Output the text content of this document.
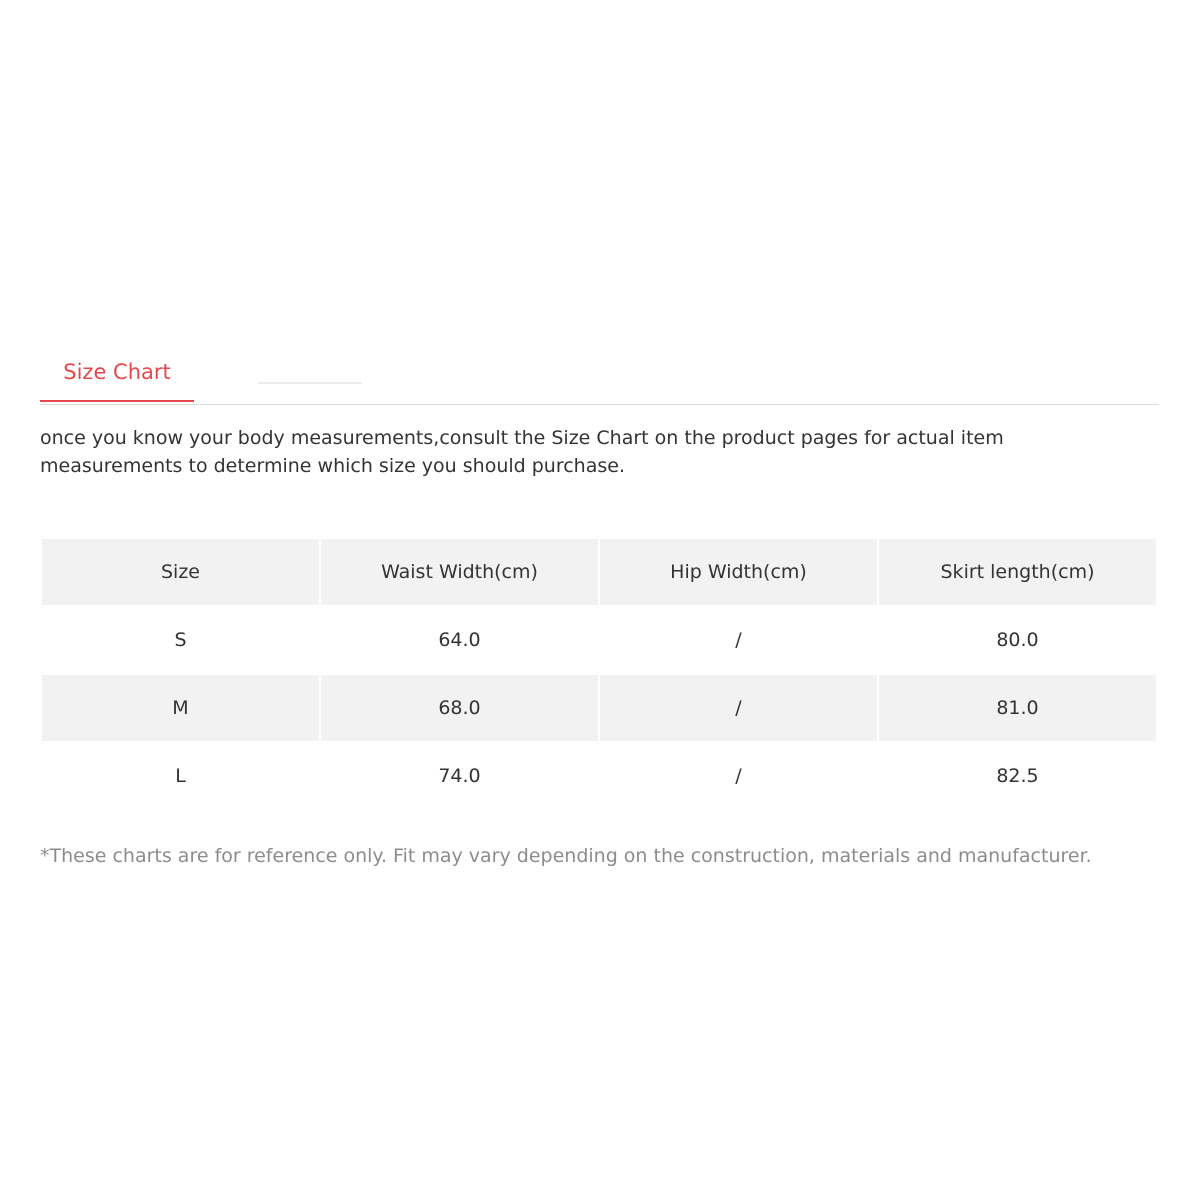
Size Chart
once you know your body measurements,consult the Size Chart on the product pages for actual item measurements to determine which size you should purchase.
Size	Waist Width(cm)	Hip Width(cm)	Skirt length(cm)
S	64.0	/	80.0
M	68.0	/	81.0
L	74.0	/	82.5
*These charts are for reference only. Fit may vary depending on the construction, materials and manufacturer.
